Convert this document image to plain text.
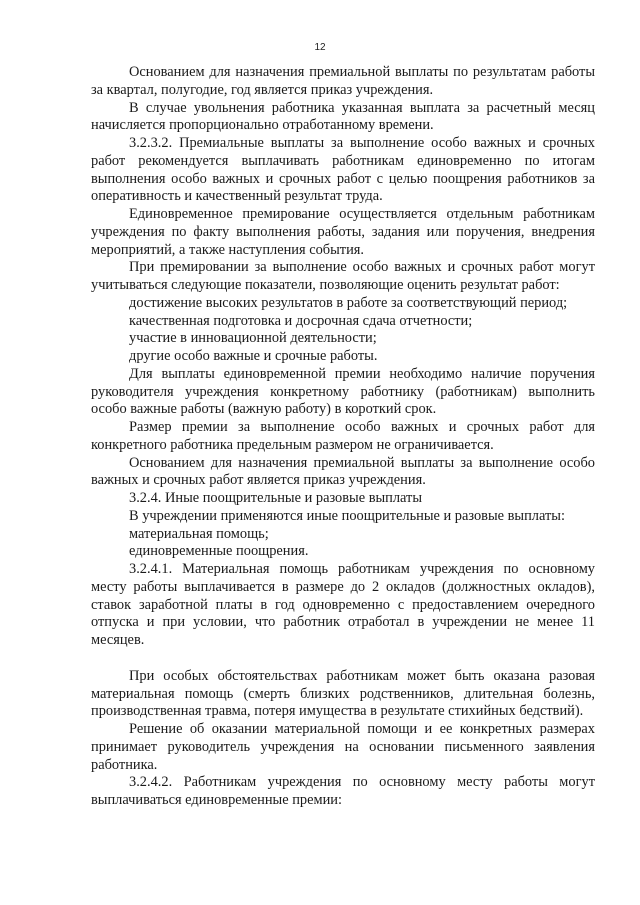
12

Основанием для назначения премиальной выплаты по результатам работы за квартал, полугодие, год является приказ учреждения.

В случае увольнения работника указанная выплата за расчетный месяц начисляется пропорционально отработанному времени.

3.2.3.2. Премиальные выплаты за выполнение особо важных и срочных работ рекомендуется выплачивать работникам единовременно по итогам выполнения особо важных и срочных работ с целью поощрения работников за оперативность и качественный результат труда.

Единовременное премирование осуществляется отдельным работникам учреждения по факту выполнения работы, задания или поручения, внедрения мероприятий, а также наступления события.

При премировании за выполнение особо важных и срочных работ могут учитываться следующие показатели, позволяющие оценить результат работ:

достижение высоких результатов в работе за соответствующий период;

качественная подготовка и досрочная сдача отчетности;

участие в инновационной деятельности;

другие особо важные и срочные работы.

Для выплаты единовременной премии необходимо наличие поручения руководителя учреждения конкретному работнику (работникам) выполнить особо важные работы (важную работу) в короткий срок.

Размер премии за выполнение особо важных и срочных работ для конкретного работника предельным размером не ограничивается.

Основанием для назначения премиальной выплаты за выполнение особо важных и срочных работ является приказ учреждения.

3.2.4. Иные поощрительные и разовые выплаты

В учреждении применяются иные поощрительные и разовые выплаты:

материальная помощь;

единовременные поощрения.

3.2.4.1. Материальная помощь работникам учреждения по основному месту работы выплачивается в размере до 2 окладов (должностных окладов), ставок заработной платы в год одновременно с предоставлением очередного отпуска и при условии, что работник отработал в учреждении не менее 11 месяцев.

При особых обстоятельствах работникам может быть оказана разовая материальная помощь (смерть близких родственников, длительная болезнь, производственная травма, потеря имущества в результате стихийных бедствий).

Решение об оказании материальной помощи и ее конкретных размерах принимает руководитель учреждения на основании письменного заявления работника.

3.2.4.2. Работникам учреждения по основному месту работы могут выплачиваться единовременные премии:
